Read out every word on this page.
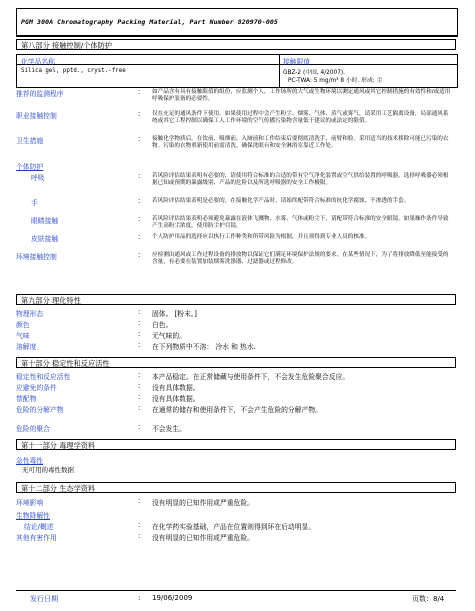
PGM 300A Chromatography Packing Material, Part Number 820970-005
第八部分 接触控制/个体防护
化学品名称	接触限值
Silica gel, pptd., cryst.-free	GBZ-2 (中国, 4/2007).
PC-TWA: 5 mg/m³ 8 小时. 形成: 尘
推荐的监测程序	: 如产品含有具有接触限值的组份，应监测个人，工作场所的大气或生物环境以测定通风或其它控制措施的有效性和/或适用呼吸保护装备的必要性。
职业接触控制	: 仅在充足的通风条件下使用。如果使用过程中会产生粉尘、烟雾、气体、蒸气或雾气，请采用工艺隔离设备，局部通风系统或其它工程控制以确保工人工作环境的空气传播污染物含量低于建议的或法定的限值。
卫生措施	: 接触化学物质后，在饮前、吸烟前、入厕前和工作结束后要彻底清洗手、前臂和脸。采用适当的技术移除可能已污染的衣物。污染的衣物重新使用前需清洗。确保洗眼台和安全淋浴室靠近工作处。
个体防护
呼吸	: 若风险评估结果表明有必要的，请使用符合标准的合适的带有空气净化装置或空气供给装置的呼吸器。选择呼吸器必须根据已知或预期的暴露级别、产品的危险以及所选呼吸器的安全工作极限。
手	: 若风险评估结果表明是必要的，在接触化学产品时，请始终配带符合标准的抗化学腐蚀、不渗透的手套。
眼睛接触	: 若风险评估结果表明必须避免暴露在液体飞溅物、水雾、气体或粉尘下，请配带符合标准的安全眼镜。如果操作条件导致产生高粉尘浓度，使用防尘护目镜。
皮肤接触	: 个人防护用品的选择应以执行工作种类和所带风险为根据，并且须得到专业人员的核准。
环境接触控制	: 应检测由通风或工作过程设备的排放物以保证它们满足环境保护法规的要求。在某些情况下，为了将排放降低至能接受的含量，有必要在装置加装烟雾洗涤器、过滤器或过程修改。
第九部分 理化特性
物理形态	: 固体。 [粉末。]
颜色	: 白色。
气味	: 无气味的。
溶解度	: 在下列物质中不溶： 冷水 和 热水.
第十部分 稳定性和反应活性
稳定性和反应活性	: 本产品稳定。在正常储藏与使用条件下，不会发生危险聚合反应。
应避免的条件	: 没有具体数据。
禁配物	: 没有具体数据。
危险的分解产物	: 在通常的储存和使用条件下，不会产生危险的分解产物。
危险的聚合	: 不会发生。
第十一部分 毒理学资料
急性毒性
无可用的毒性数据
第十二部分 生态学资料
环境影响	: 没有明显的已知作用或严重危险。
生物降解性
结论/概述	: 在化学药实验基础，产品在位置则得到环在后动明显。
其他有害作用	: 没有明显的已知作用或严重危险。
发行日期	: 19/06/2009	页数：8/4
